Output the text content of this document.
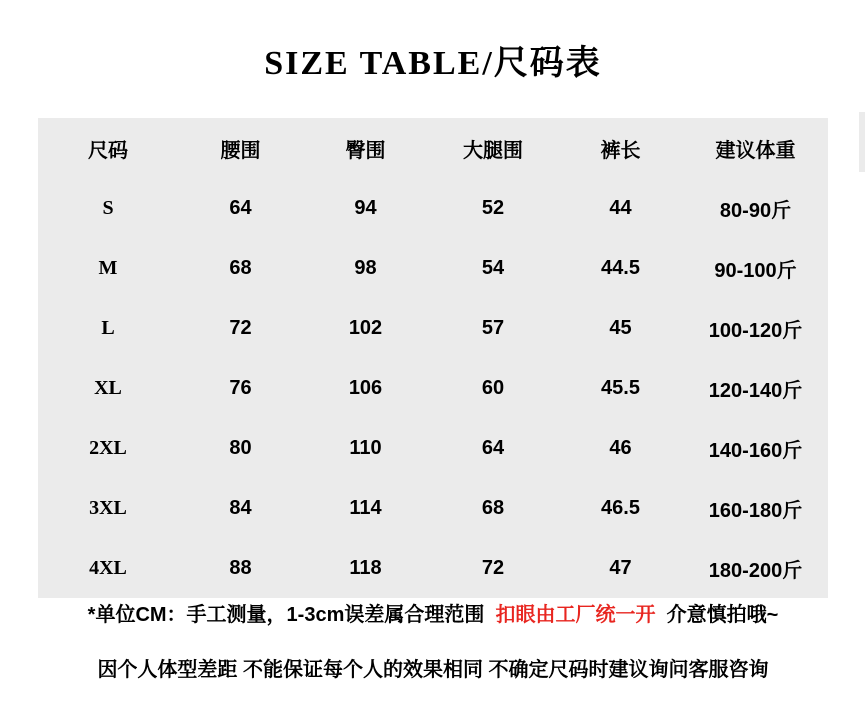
SIZE TABLE/尺码表
尺码	腰围	臀围	大腿围	裤长	建议体重
S	64	94	52	44	80-90斤
M	68	98	54	44.5	90-100斤
L	72	102	57	45	100-120斤
XL	76	106	60	45.5	120-140斤
2XL	80	110	64	46	140-160斤
3XL	84	114	68	46.5	160-180斤
4XL	88	118	72	47	180-200斤
*单位CM：手工测量，1-3cm误差属合理范围 扣眼由工厂统一开 介意慎拍哦~
因个人体型差距 不能保证每个人的效果相同 不确定尺码时建议询问客服咨询
